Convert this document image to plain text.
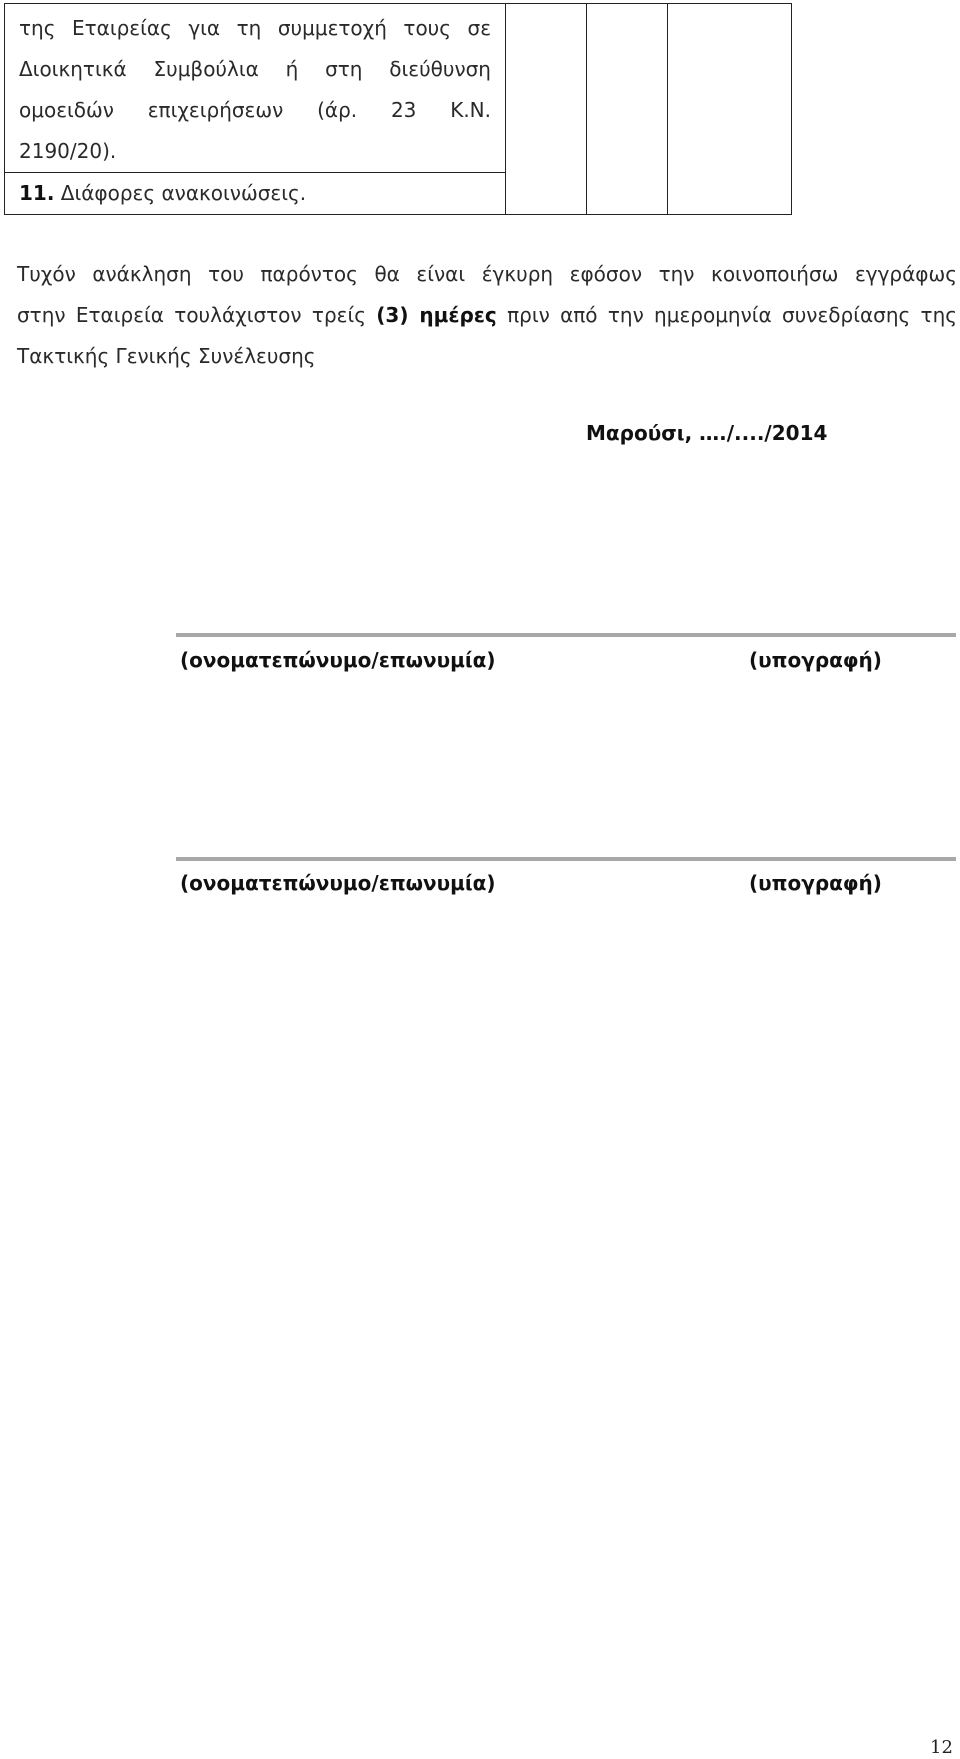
της Εταιρείας για τη συμμετοχή τους σε
Διοικητικά Συμβούλια ή στη διεύθυνση
ομοειδών επιχειρήσεων (άρ. 23 Κ.Ν.
2190/20).
11. Διάφορες ανακοινώσεις.

Τυχόν ανάκληση του παρόντος θα είναι έγκυρη εφόσον την κοινοποιήσω εγγράφως
στην Εταιρεία τουλάχιστον τρείς (3) ημέρες πριν από την ημερομηνία συνεδρίασης της
Τακτικής Γενικής Συνέλευσης
Μαρούσι, …./..../2014
(ονοματεπώνυμο/επωνυμία)	(υπογραφή)
(ονοματεπώνυμο/επωνυμία)	(υπογραφή)
12
